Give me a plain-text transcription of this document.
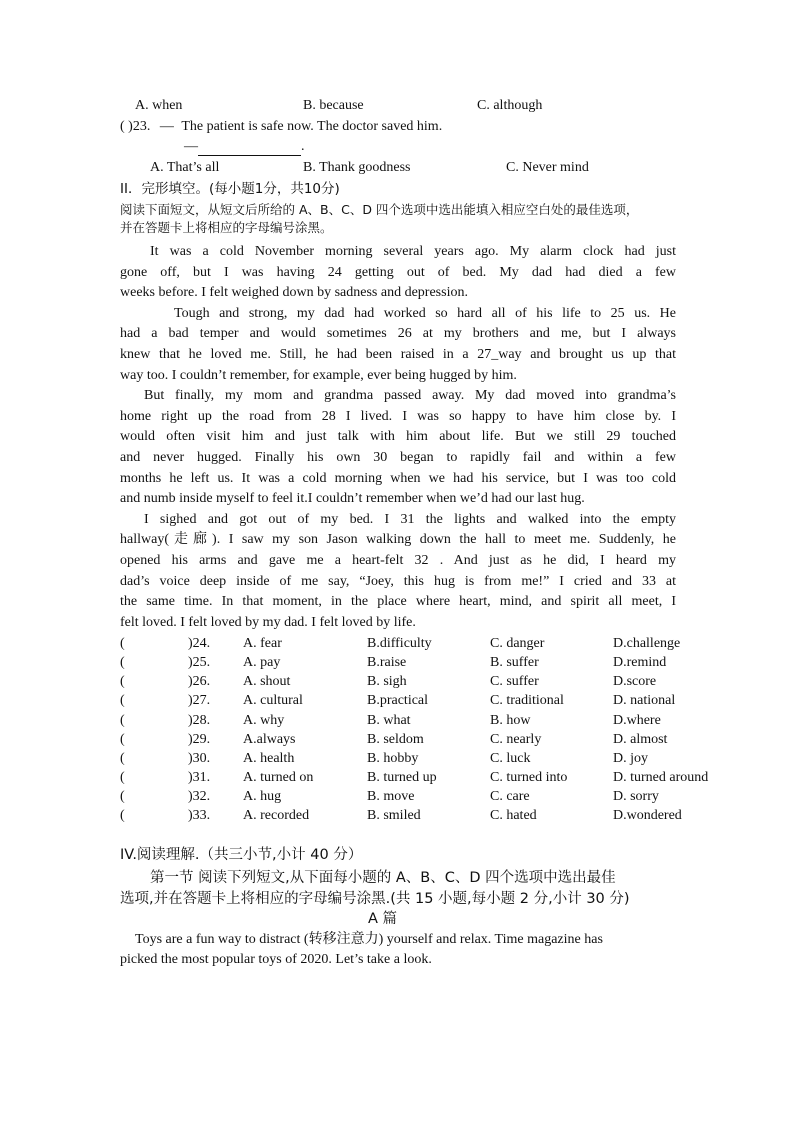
A. when	B. because	C. although
( )23. — The patient is safe now. The doctor saved him.
—	.
A. That’s all	B. Thank goodness	C. Never mind
II．完形填空。(每小题1分，共10分)
阅读下面短文，从短文后所给的 A、B、C、D 四个选项中选出能填入相应空白处的最佳选项，
并在答题卡上将相应的字母编号涂黑。
It was a cold November morning several years ago. My alarm clock had just
gone off, but I was having 24 getting out of bed. My dad had died a few
weeks before. I felt weighed down by sadness and depression.
Tough and strong, my dad had worked so hard all of his life to 25 us. He
had a bad temper and would sometimes 26 at my brothers and me, but I always
knew that he loved me. Still, he had been raised in a 27_way and brought us up that
way too. I couldn’t remember, for example, ever being hugged by him.
But finally, my mom and grandma passed away. My dad moved into grandma’s
home right up the road from 28 I lived. I was so happy to have him close by. I
would often visit him and just talk with him about life. But we still 29 touched
and never hugged. Finally his own 30 began to rapidly fail and within a few
months he left us. It was a cold morning when we had his service, but I was too cold
and numb inside myself to feel it.I couldn’t remember when we’d had our last hug.
I sighed and got out of my bed. I 31 the lights and walked into the empty
hallway(走廊). I saw my son Jason walking down the hall to meet me. Suddenly, he
opened his arms and gave me a heart-felt 32 . And just as he did, I heard my
dad’s voice deep inside of me say, “Joey, this hug is from me!” I cried and 33 at
the same time. In that moment, in the place where heart, mind, and spirit all meet, I
felt loved. I felt loved by my dad. I felt loved by life.
(	)24. A. fear	B.difficulty	C. danger	D.challenge
(	)25. A. pay	B.raise	B. suffer	D.remind
(	)26. A. shout	B. sigh	C. suffer	D.score
(	)27. A. cultural	B.practical	C. traditional	D. national
(	)28. A. why	B. what	B. how	D.where
(	)29. A.always	B. seldom	C. nearly	D. almost
(	)30. A. health	B. hobby	C. luck	D. joy
(	)31. A. turned on	B. turned up	C. turned into	D. turned around
(	)32. A. hug	B. move	C. care	D. sorry
(	)33. A. recorded	B. smiled	C. hated	D.wondered
IV.阅读理解.（共三小节,小计 40 分）
第一节 阅读下列短文,从下面每小题的 A、B、C、D 四个选项中选出最佳
选项,并在答题卡上将相应的字母编号涂黑.(共 15 小题,每小题 2 分,小计 30 分)
A 篇
Toys are a fun way to distract (转移注意力) yourself and relax. Time magazine has
picked the most popular toys of 2020. Let’s take a look.
